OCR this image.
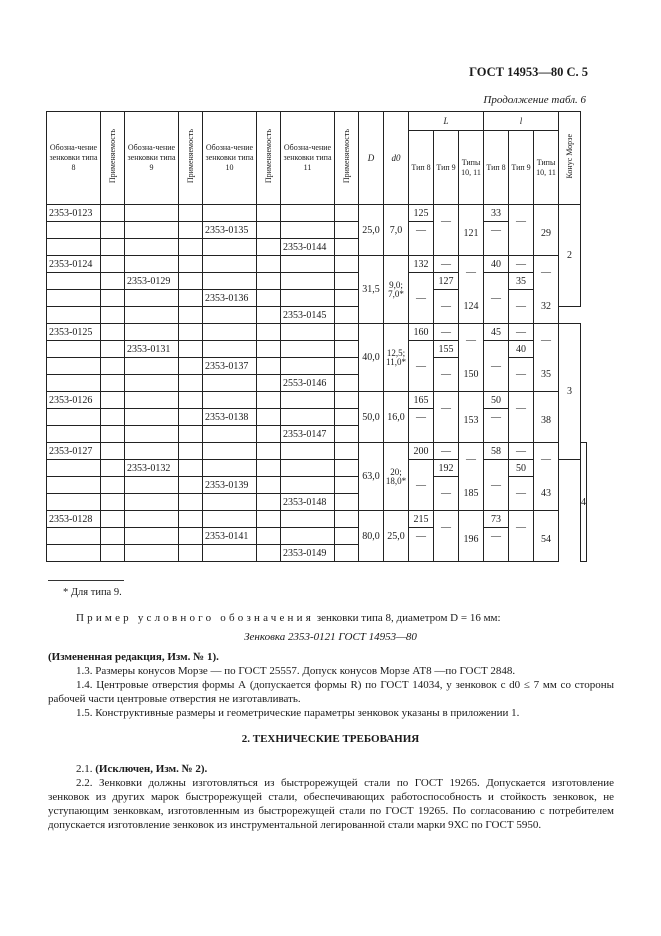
ГОСТ 14953—80 С. 5
Продолжение табл. 6
Обозна-чение зенковки типа 8	Применяемость	Обозна-чение зенковки типа 9	Применяемость	Обозна-чение зенковки типа 10	Применяемость	Обозна-чение зенковки типа 11	Применяемость	D	d0	L			l			Конус Морзе	
										Тип 8	Тип 9	Типы 10, 11	Тип 8	Тип 9	Типы 10, 11		
2353-0123								25,0	7,0	125	—	121	33	—	29	2	
				2353-0135						—			—				
						2353-0144											
2353-0124								31,5	9,0; 7,0*	132	—	—	40	—	—		
		2353-0129								—	127		—	35			
				2353-0136							—	124		—	32		
						2353-0145											
2353-0125								40,0	12,5; 11,0*	160	—	—	45	—	—	3	
		2353-0131								—	155		—	40			
				2353-0137							—	150		—	35		
						2553-0146											
2353-0126								50,0	16,0	165	—	153	50	—	38		
				2353-0138						—			—				
						2353-0147											
2353-0127								63,0	20; 18,0*	200	—	—	58	—	—		4
		2353-0132								—	192		—	50			
				2353-0139							—	185		—	43		
						2353-0148											
2353-0128								80,0	25,0	215	—	196	73	—	54		
				2353-0141						—			—				
						2353-0149											
* Для типа 9.
Пример условного обозначения зенковки типа 8, диаметром D = 16 мм:
Зенковка 2353-0121 ГОСТ 14953—80
(Измененная редакция, Изм. № 1).
1.3. Размеры конусов Морзе — по ГОСТ 25557. Допуск конусов Морзе АТ8 —по ГОСТ 2848.
1.4. Центровые отверстия формы А (допускается формы R) по ГОСТ 14034, у зенковок с d0 ≤ 7 мм со стороны рабочей части центровые отверстия не изготавливать.
1.5. Конструктивные размеры и геометрические параметры зенковок указаны в приложении 1.
2. ТЕХНИЧЕСКИЕ ТРЕБОВАНИЯ
2.1. (Исключен, Изм. № 2).
2.2. Зенковки должны изготовляться из быстрорежущей стали по ГОСТ 19265. Допускается изготовление зенковок из других марок быстрорежущей стали, обеспечивающих работоспособность и стойкость зенковок, не уступающим зенковкам, изготовленным из быстрорежущей стали по ГОСТ 19265. По согласованию с потребителем допускается изготовление зенковок из инструментальной легированной стали марки 9ХС по ГОСТ 5950.
